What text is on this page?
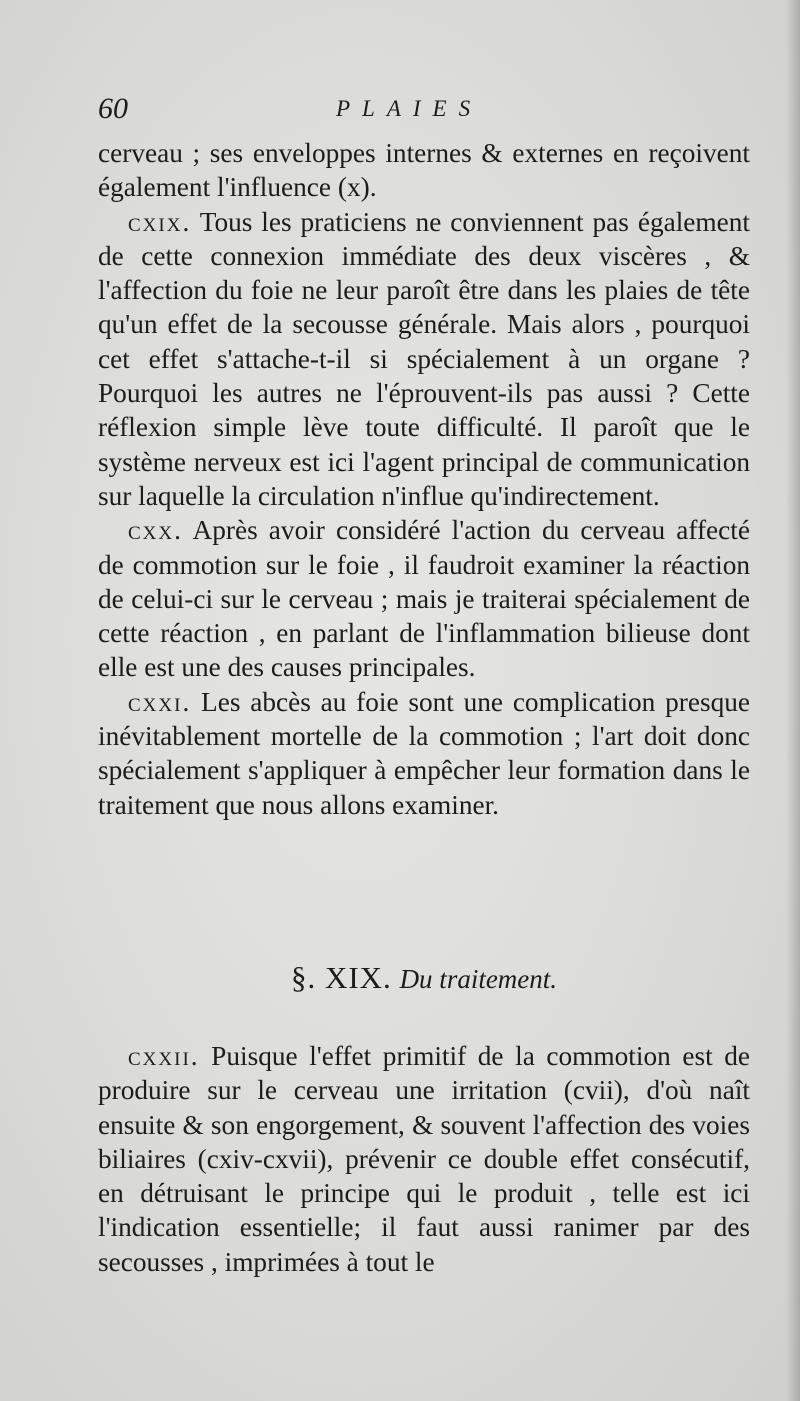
60	PLAIES

cerveau ; ses enveloppes internes & externes en reçoivent également l'influence (x).

cxix. Tous les praticiens ne conviennent pas également de cette connexion immédiate des deux viscères , & l'affection du foie ne leur paroît être dans les plaies de tête qu'un effet de la secousse générale. Mais alors , pourquoi cet effet s'attache-t-il si spécialement à un organe ? Pourquoi les autres ne l'éprouvent-ils pas aussi ? Cette réflexion simple lève toute difficulté. Il paroît que le système nerveux est ici l'agent principal de communication sur laquelle la circulation n'influe qu'indirectement.

cxx. Après avoir considéré l'action du cerveau affecté de commotion sur le foie , il faudroit examiner la réaction de celui-ci sur le cerveau ; mais je traiterai spécialement de cette réaction , en parlant de l'inflammation bilieuse dont elle est une des causes principales.

cxxi. Les abcès au foie sont une complication presque inévitablement mortelle de la commotion ; l'art doit donc spécialement s'appliquer à empêcher leur formation dans le traitement que nous allons examiner.

§. XIX. Du traitement.

cxxii. Puisque l'effet primitif de la commotion est de produire sur le cerveau une irritation (cvii), d'où naît ensuite & son engorgement, & souvent l'affection des voies biliaires (cxiv-cxvii), prévenir ce double effet consécutif, en détruisant le principe qui le produit , telle est ici l'indication essentielle; il faut aussi ranimer par des secousses , imprimées à tout le
